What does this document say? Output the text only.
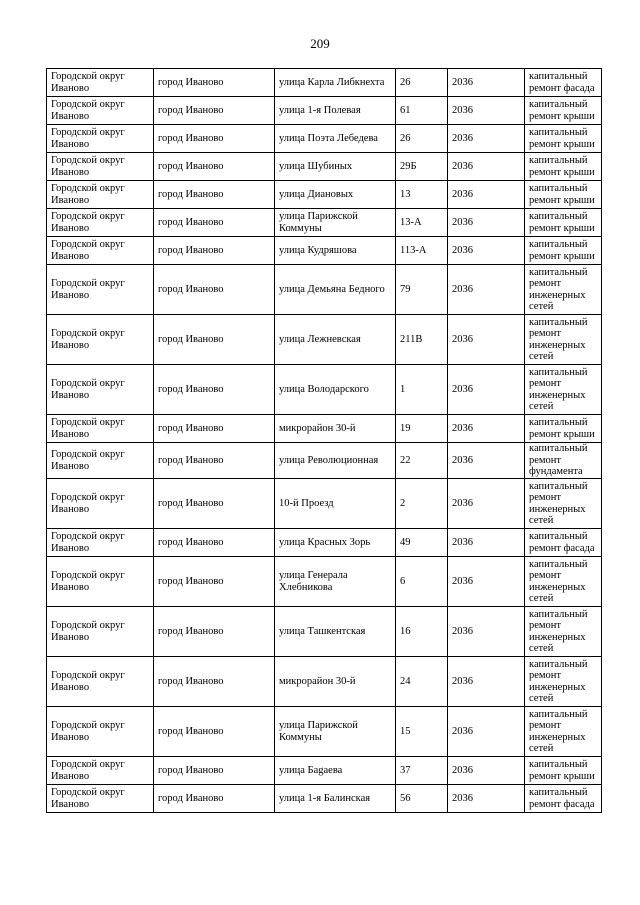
209
Городской округ Иваново	город Иваново	улица Карла Либкнехта	26	2036	капитальный ремонт фасада
Городской округ Иваново	город Иваново	улица 1-я Полевая	61	2036	капитальный ремонт крыши
Городской округ Иваново	город Иваново	улица Поэта Лебедева	26	2036	капитальный ремонт крыши
Городской округ Иваново	город Иваново	улица Шубиных	29Б	2036	капитальный ремонт крыши
Городской округ Иваново	город Иваново	улица Диановых	13	2036	капитальный ремонт крыши
Городской округ Иваново	город Иваново	улица Парижской Коммуны	13-А	2036	капитальный ремонт крыши
Городской округ Иваново	город Иваново	улица Кудряшова	113-А	2036	капитальный ремонт крыши
Городской округ Иваново	город Иваново	улица Демьяна Бедного	79	2036	капитальный ремонт инженерных сетей
Городской округ Иваново	город Иваново	улица Лежневская	211В	2036	капитальный ремонт инженерных сетей
Городской округ Иваново	город Иваново	улица Володарского	1	2036	капитальный ремонт инженерных сетей
Городской округ Иваново	город Иваново	микрорайон 30-й	19	2036	капитальный ремонт крыши
Городской округ Иваново	город Иваново	улица Революционная	22	2036	капитальный ремонт фундамента
Городской округ Иваново	город Иваново	10-й Проезд	2	2036	капитальный ремонт инженерных сетей
Городской округ Иваново	город Иваново	улица Красных Зорь	49	2036	капитальный ремонт фасада
Городской округ Иваново	город Иваново	улица Генерала Хлебникова	6	2036	капитальный ремонт инженерных сетей
Городской округ Иваново	город Иваново	улица Ташкентская	16	2036	капитальный ремонт инженерных сетей
Городской округ Иваново	город Иваново	микрорайон 30-й	24	2036	капитальный ремонт инженерных сетей
Городской округ Иваново	город Иваново	улица Парижской Коммуны	15	2036	капитальный ремонт инженерных сетей
Городской округ Иваново	город Иваново	улица Бagaева	37	2036	капитальный ремонт крыши
Городской округ Иваново	город Иваново	улица 1-я Балинская	56	2036	капитальный ремонт фасада
